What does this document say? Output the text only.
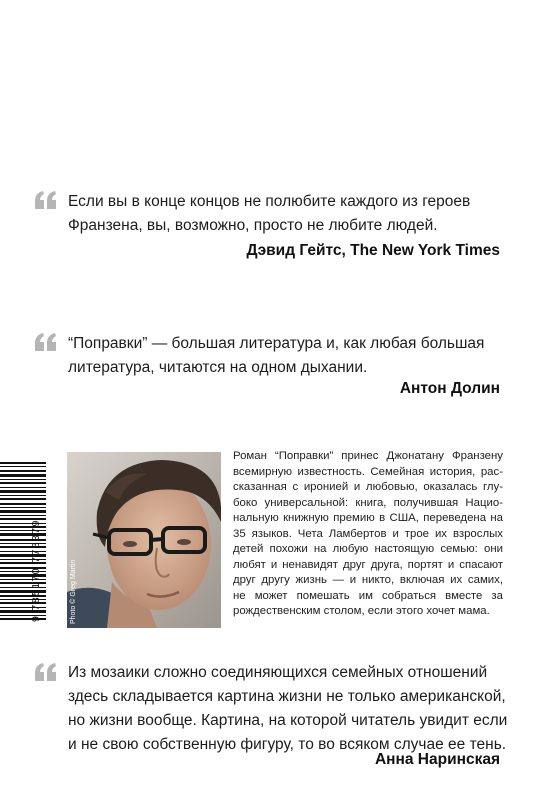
Если вы в конце концов не полюбите каждого из героев
Франзена, вы, возможно, просто не любите людей.
Дэвид Гейтс, The New York Times
“Поправки” — большая литература и, как любая большая
литература, читаются на одном дыхании.
Антон Долин
9 785170 778379	Photo © Greg Martin
Роман “Поправки” принес Джонатану Франзену
всемирную известность. Семейная история, рас-
сказанная с иронией и любовью, оказалась глу-
боко универсальной: книга, получившая Нацио-
нальную книжную премию в США, переведена на
35 языков. Чета Ламбертов и трое их взрослых
детей похожи на любую настоящую семью: они
любят и ненавидят друг друга, портят и спасают
друг другу жизнь — и никто, включая их самих,
не может помешать им собраться вместе за
рождественским столом, если этого хочет мама.
Из мозаики сложно соединяющихся семейных отношений
здесь складывается картина жизни не только американской,
но жизни вообще. Картина, на которой читатель увидит если
и не свою собственную фигуру, то во всяком случае ее тень.
Анна Наринская
